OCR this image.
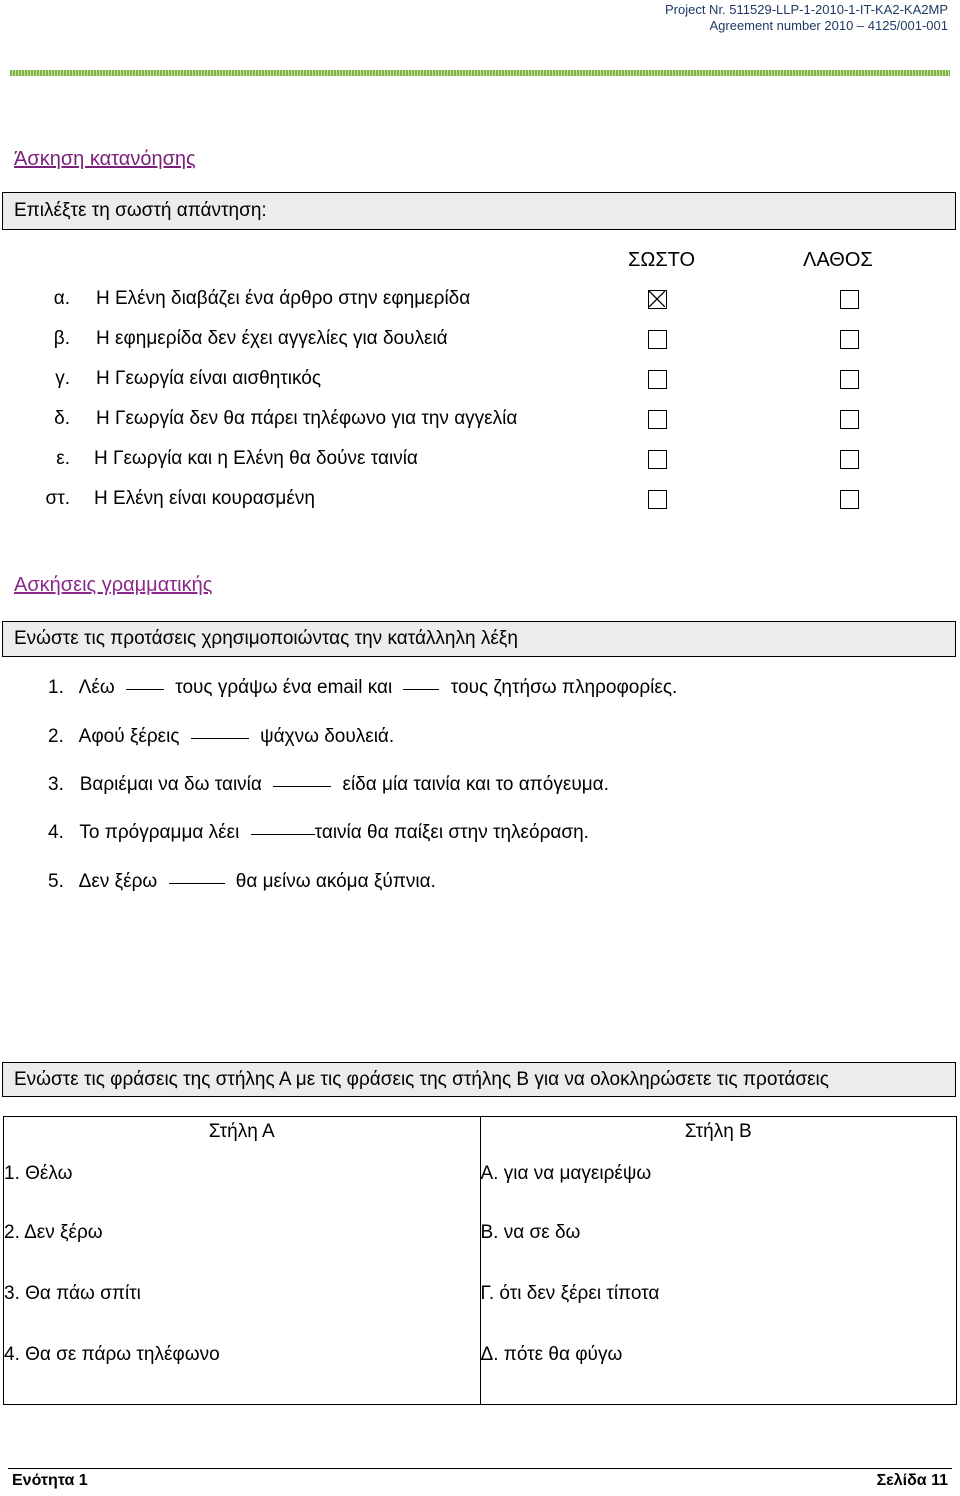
Project Nr. 511529-LLP-1-2010-1-IT-KA2-KA2MP
Agreement number 2010 – 4125/001-001
Άσκηση κατανόησης
Επιλέξτε τη σωστή απάντηση:
ΣΩΣΤΟ	ΛΑΘΟΣ
α. Η Ελένη διαβάζει ένα άρθρο στην εφημερίδα
β. Η εφημερίδα δεν έχει αγγελίες για δουλειά
γ. Η Γεωργία είναι αισθητικός
δ. Η Γεωργία δεν θα πάρει τηλέφωνο για την αγγελία
ε. Η Γεωργία και η Ελένη θα δούνε ταινία
στ. Η Ελένη είναι κουρασμένη
Ασκήσεις γραμματικής
Ενώστε τις προτάσεις χρησιμοποιώντας την κατάλληλη λέξη
1. Λέω	τους γράψω ένα email και	τους ζητήσω πληροφορίες.
2. Αφού ξέρεις	ψάχνω δουλειά.
3. Βαριέμαι να δω ταινία	είδα μία ταινία και το απόγευμα.
4. Το πρόγραμμα λέει	ταινία θα παίξει στην τηλεόραση.
5. Δεν ξέρω	θα μείνω ακόμα ξύπνια.
Ενώστε τις φράσεις της στήλης Α με τις φράσεις της στήλης Β για να ολοκληρώσετε τις προτάσεις
Στήλη Α	Στήλη Β
1. Θέλω	Α. για να μαγειρέψω
2. Δεν ξέρω	Β. να σε δω
3. Θα πάω σπίτι	Γ. ότι δεν ξέρει τίποτα
4. Θα σε πάρω τηλέφωνο	Δ. πότε θα φύγω
Ενότητα 1	Σελίδα 11
